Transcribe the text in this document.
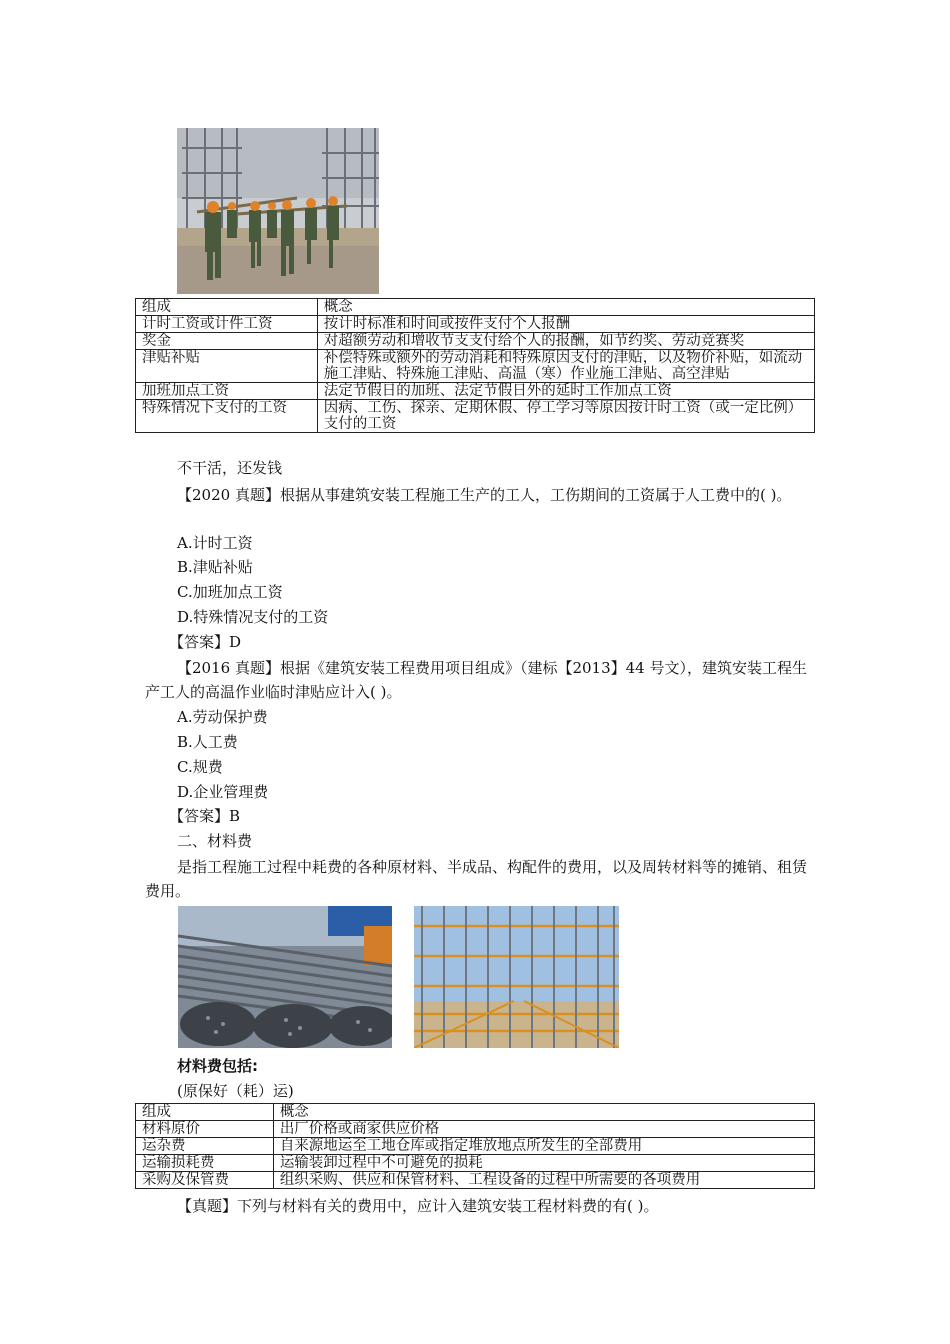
组成	概念
计时工资或计件工资	按计时标准和时间或按件支付个人报酬
奖金	对超额劳动和增收节支支付给个人的报酬，如节约奖、劳动竞赛奖
津贴补贴	补偿特殊或额外的劳动消耗和特殊原因支付的津贴，以及物价补贴，如流动施工津贴、特殊施工津贴、高温（寒）作业施工津贴、高空津贴
加班加点工资	法定节假日的加班、法定节假日外的延时工作加点工资
特殊情况下支付的工资	因病、工伤、探亲、定期休假、停工学习等原因按计时工资（或一定比例）支付的工资
不干活，还发钱
【2020 真题】根据从事建筑安装工程施工生产的工人，工伤期间的工资属于人工费中的( )。
A.计时工资
B.津贴补贴
C.加班加点工资
D.特殊情况支付的工资
【答案】D
【2016 真题】根据《建筑安装工程费用项目组成》（建标【2013】44 号文），建筑安装工程生产工人的高温作业临时津贴应计入( )。
A.劳动保护费
B.人工费
C.规费
D.企业管理费
【答案】B
二、材料费
是指工程施工过程中耗费的各种原材料、半成品、构配件的费用，以及周转材料等的摊销、租赁费用。
材料费包括:
(原保好（耗）运)
组成	概念
材料原价	出厂价格或商家供应价格
运杂费	自来源地运至工地仓库或指定堆放地点所发生的全部费用
运输损耗费	运输装卸过程中不可避免的损耗
采购及保管费	组织采购、供应和保管材料、工程设备的过程中所需要的各项费用
【真题】下列与材料有关的费用中，应计入建筑安装工程材料费的有( )。
